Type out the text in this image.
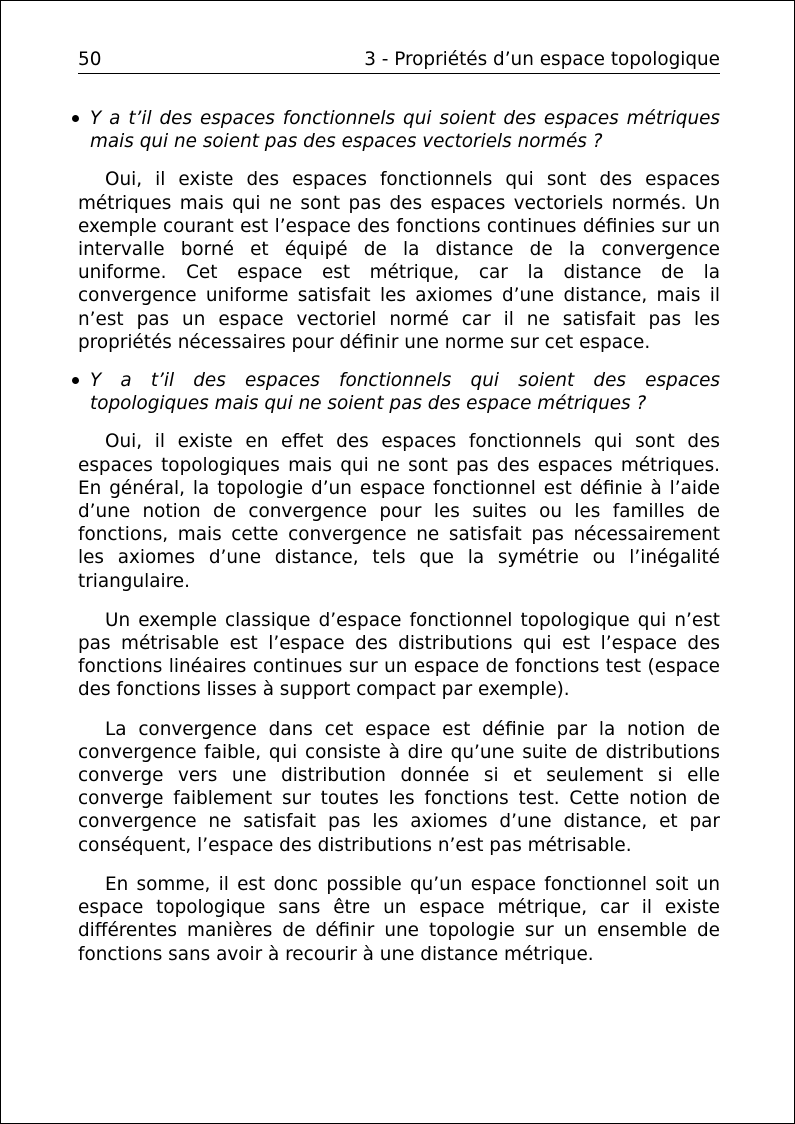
50	3 - Propriétés d’un espace topologique
Y a t’il des espaces fonctionnels qui soient des espaces métriques mais qui ne soient pas des espaces vectoriels normés ?

Oui, il existe des espaces fonctionnels qui sont des espaces métriques mais qui ne sont pas des espaces vectoriels normés. Un exemple courant est l’espace des fonctions continues définies sur un intervalle borné et équipé de la distance de la convergence uniforme. Cet espace est métrique, car la distance de la convergence uniforme satisfait les axiomes d’une distance, mais il n’est pas un espace vectoriel normé car il ne satisfait pas les propriétés nécessaires pour définir une norme sur cet espace.

Y a t’il des espaces fonctionnels qui soient des espaces topologiques mais qui ne soient pas des espace métriques ?

Oui, il existe en effet des espaces fonctionnels qui sont des espaces topologiques mais qui ne sont pas des espaces métriques. En général, la topologie d’un espace fonctionnel est définie à l’aide d’une notion de convergence pour les suites ou les familles de fonctions, mais cette convergence ne satisfait pas nécessairement les axiomes d’une distance, tels que la symétrie ou l’inégalité triangulaire.

Un exemple classique d’espace fonctionnel topologique qui n’est pas métrisable est l’espace des distributions qui est l’espace des fonctions linéaires continues sur un espace de fonctions test (espace des fonctions lisses à support compact par exemple).

La convergence dans cet espace est définie par la notion de convergence faible, qui consiste à dire qu’une suite de distributions converge vers une distribution donnée si et seulement si elle converge faiblement sur toutes les fonctions test. Cette notion de convergence ne satisfait pas les axiomes d’une distance, et par conséquent, l’espace des distributions n’est pas métrisable.

En somme, il est donc possible qu’un espace fonctionnel soit un espace topologique sans être un espace métrique, car il existe différentes manières de définir une topologie sur un ensemble de fonctions sans avoir à recourir à une distance métrique.
